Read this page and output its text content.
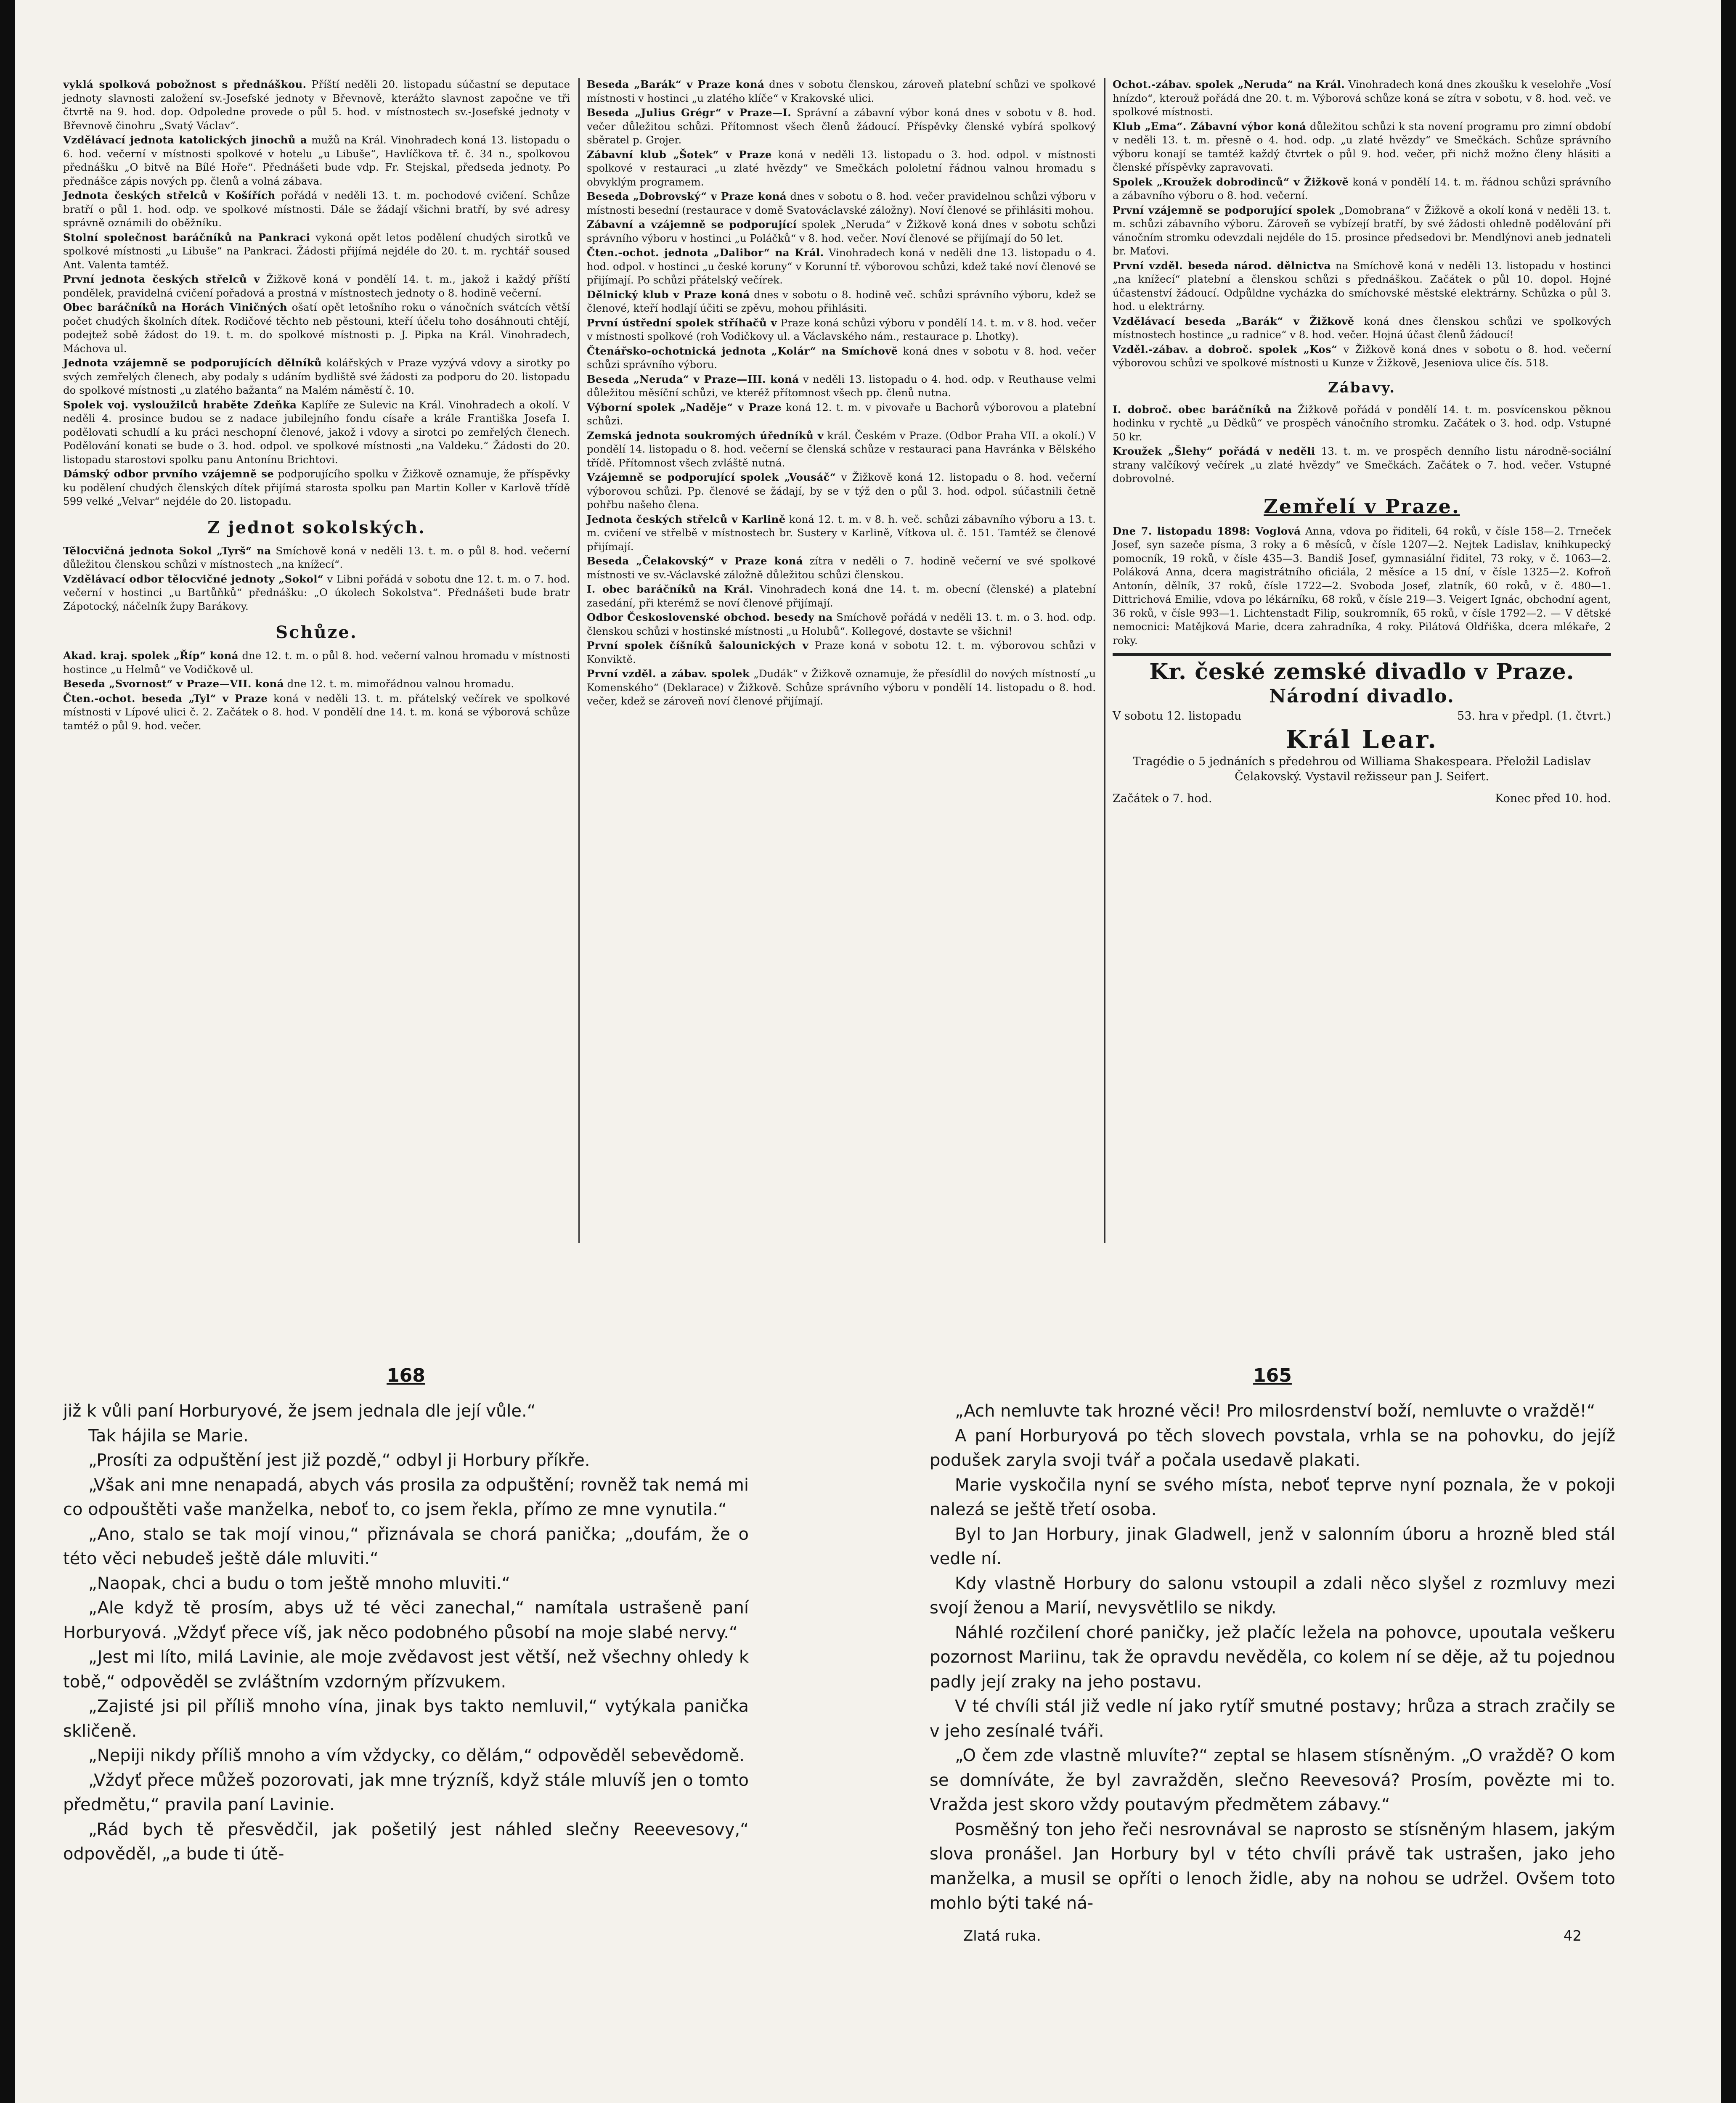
vyklá spolková pobožnost s přednáškou. Příští neděli 20. listopadu súčastní se deputace jednoty slavnosti založení sv.-Josefské jednoty v Břevnově, kterážto slavnost započne ve tři čtvrtě na 9. hod. dop. Odpoledne provede o půl 5. hod. v místnostech sv.-Josefské jednoty v Břevnově činohru „Svatý Václav“.

Vzdělávací jednota katolických jinochů a mužů na Král. Vinohradech koná 13. listopadu o 6. hod. večerní v místnosti spolkové v hotelu „u Libuše“, Havlíčkova tř. č. 34 n., spolkovou přednášku „O bitvě na Bílé Hoře“. Přednášeti bude vdp. Fr. Stejskal, předseda jednoty. Po přednášce zápis nových pp. členů a volná zábava.

Jednota českých střelců v Košířích pořádá v neděli 13. t. m. pochodové cvičení. Schůze bratří o půl 1. hod. odp. ve spolkové místnosti. Dále se žádají všichni bratří, by své adresy správně oznámili do oběžníku.

Stolní společnost baráčníků na Pankraci vykoná opět letos podělení chudých sirotků ve spolkové místnosti „u Libuše“ na Pankraci. Žádosti přijímá nejdéle do 20. t. m. rychtář soused Ant. Valenta tamtéž.

První jednota českých střelců v Žižkově koná v pondělí 14. t. m., jakož i každý příští pondělek, pravidelná cvičení pořadová a prostná v místnostech jednoty o 8. hodině večerní.

Obec baráčníků na Horách Viničných ošatí opět letošního roku o vánočních svátcích větší počet chudých školních dítek. Rodičové těchto neb pěstouni, kteří účelu toho dosáhnouti chtějí, podejtež sobě žádost do 19. t. m. do spolkové místnosti p. J. Pipka na Král. Vinohradech, Máchova ul.

Jednota vzájemně se podporujících dělníků kolářských v Praze vyzývá vdovy a sirotky po svých zemřelých členech, aby podaly s udáním bydliště své žádosti za podporu do 20. listopadu do spolkové místnosti „u zlatého bažanta“ na Malém náměstí č. 10.

Spolek voj. vysloužilců hraběte Zdeňka Kaplíře ze Sulevic na Král. Vinohradech a okolí. V neděli 4. prosince budou se z nadace jubilejního fondu císaře a krále Františka Josefa I. podělovati schudlí a ku práci neschopní členové, jakož i vdovy a sirotci po zemřelých členech. Podělování konati se bude o 3. hod. odpol. ve spolkové místnosti „na Valdeku.“ Žádosti do 20. listopadu starostovi spolku panu Antonínu Brichtovi.

Dámský odbor prvního vzájemně se podporujícího spolku v Žižkově oznamuje, že příspěvky ku podělení chudých členských dítek přijímá starosta spolku pan Martin Koller v Karlově třídě 599 velké „Velvar“ nejdéle do 20. listopadu.

Z jednot sokolských.

Tělocvičná jednota Sokol „Tyrš“ na Smíchově koná v neděli 13. t. m. o půl 8. hod. večerní důležitou členskou schůzi v místnostech „na knížecí“.

Vzdělávací odbor tělocvičné jednoty „Sokol“ v Libni pořádá v sobotu dne 12. t. m. o 7. hod. večerní v hostinci „u Bartůňků“ přednášku: „O úkolech Sokolstva“. Přednášeti bude bratr Zápotocký, náčelník župy Barákovy.

Schůze.

Akad. kraj. spolek „Říp“ koná dne 12. t. m. o půl 8. hod. večerní valnou hromadu v místnosti hostince „u Helmů“ ve Vodičkově ul.

Beseda „Svornost“ v Praze—VII. koná dne 12. t. m. mimořádnou valnou hromadu.

Čten.-ochot. beseda „Tyl“ v Praze koná v neděli 13. t. m. přátelský večírek ve spolkové místnosti v Lípové ulici č. 2. Začátek o 8. hod. V pondělí dne 14. t. m. koná se výborová schůze tamtéž o půl 9. hod. večer.

Beseda „Barák“ v Praze koná dnes v sobotu členskou, zároveň platební schůzi ve spolkové místnosti v hostinci „u zlatého klíče“ v Krakovské ulici.

Beseda „Julius Grégr“ v Praze—I. Správní a zábavní výbor koná dnes v sobotu v 8. hod. večer důležitou schůzi. Přítomnost všech členů žádoucí. Příspěvky členské vybírá spolkový sběratel p. Grojer.

Zábavní klub „Šotek“ v Praze koná v neděli 13. listopadu o 3. hod. odpol. v místnosti spolkové v restauraci „u zlaté hvězdy“ ve Smečkách pololetní řádnou valnou hromadu s obvyklým programem.

Beseda „Dobrovský“ v Praze koná dnes v sobotu o 8. hod. večer pravidelnou schůzi výboru v místnosti besední (restaurace v domě Svatováclavské záložny). Noví členové se přihlásiti mohou.

Zábavní a vzájemně se podporující spolek „Neruda“ v Žižkově koná dnes v sobotu schůzi správního výboru v hostinci „u Poláčků“ v 8. hod. večer. Noví členové se přijímají do 50 let.

Čten.-ochot. jednota „Dalibor“ na Král. Vinohradech koná v neděli dne 13. listopadu o 4. hod. odpol. v hostinci „u české koruny“ v Korunní tř. výborovou schůzi, kdež také noví členové se přijímají. Po schůzi přátelský večírek.

Dělnický klub v Praze koná dnes v sobotu o 8. hodině več. schůzi správního výboru, kdež se členové, kteří hodlají účiti se zpěvu, mohou přihlásiti.

První ústřední spolek stříhačů v Praze koná schůzi výboru v pondělí 14. t. m. v 8. hod. večer v místnosti spolkové (roh Vodičkovy ul. a Václavského nám., restaurace p. Lhotky).

Čtenářsko-ochotnická jednota „Kolár“ na Smíchově koná dnes v sobotu v 8. hod. večer schůzi správního výboru.

Beseda „Neruda“ v Praze—III. koná v neděli 13. listopadu o 4. hod. odp. v Reuthause velmi důležitou měsíční schůzi, ve kteréž přítomnost všech pp. členů nutna.

Výborní spolek „Naděje“ v Praze koná 12. t. m. v pivovaře u Bachorů výborovou a platební schůzi.

Zemská jednota soukromých úředníků v král. Českém v Praze. (Odbor Praha VII. a okolí.) V pondělí 14. listopadu o 8. hod. večerní se členská schůze v restauraci pana Havránka v Bělského třídě. Přítomnost všech zvláště nutná.

Vzájemně se podporující spolek „Vousáč“ v Žižkově koná 12. listopadu o 8. hod. večerní výborovou schůzi. Pp. členové se žádají, by se v týž den o půl 3. hod. odpol. súčastnili četně pohřbu našeho člena.

Jednota českých střelců v Karlině koná 12. t. m. v 8. h. več. schůzi zábavního výboru a 13. t. m. cvičení ve střelbě v místnostech br. Sustery v Karlině, Vítkova ul. č. 151. Tamtéž se členové přijímají.

Beseda „Čelakovský“ v Praze koná zítra v neděli o 7. hodině večerní ve své spolkové místnosti ve sv.-Václavské záložně důležitou schůzi členskou.

I. obec baráčníků na Král. Vinohradech koná dne 14. t. m. obecní (členské) a platební zasedání, při kterémž se noví členové přijímají.

Odbor Československé obchod. besedy na Smíchově pořádá v neděli 13. t. m. o 3. hod. odp. členskou schůzi v hostinské místnosti „u Holubů“. Kollegové, dostavte se všichni!

První spolek číšníků šalounických v Praze koná v sobotu 12. t. m. výborovou schůzi v Konviktě.

První vzděl. a zábav. spolek „Dudák“ v Žižkově oznamuje, že přesídlil do nových místností „u Komenského“ (Deklarace) v Žižkově. Schůze správního výboru v pondělí 14. listopadu o 8. hod. večer, kdež se zároveň noví členové přijímají.

Ochot.-zábav. spolek „Neruda“ na Král. Vinohradech koná dnes zkoušku k veselohře „Vosí hnízdo“, kterouž pořádá dne 20. t. m. Výborová schůze koná se zítra v sobotu, v 8. hod. več. ve spolkové místnosti.

Klub „Ema“. Zábavní výbor koná důležitou schůzi k sta novení programu pro zimní období v neděli 13. t. m. přesně o 4. hod. odp. „u zlaté hvězdy“ ve Smečkách. Schůze správního výboru konají se tamtéž každý čtvrtek o půl 9. hod. večer, při nichž možno členy hlásiti a členské příspěvky zapravovati.

Spolek „Kroužek dobrodinců“ v Žižkově koná v pondělí 14. t. m. řádnou schůzi správního a zábavního výboru o 8. hod. večerní.

První vzájemně se podporující spolek „Domobrana“ v Žižkově a okolí koná v neděli 13. t. m. schůzi zábavního výboru. Zároveň se vybízejí bratří, by své žádosti ohledně podělování při vánočním stromku odevzdali nejdéle do 15. prosince předsedovi br. Mendlýnovi aneb jednateli br. Maťovi.

První vzděl. beseda národ. dělnictva na Smíchově koná v neděli 13. listopadu v hostinci „na knížecí“ platební a členskou schůzi s přednáškou. Začátek o půl 10. dopol. Hojné účastenství žádoucí. Odpůldne vycházka do smíchovské městské elektrárny. Schůzka o půl 3. hod. u elektrárny.

Vzdělávací beseda „Barák“ v Žižkově koná dnes členskou schůzi ve spolkových místnostech hostince „u radnice“ v 8. hod. večer. Hojná účast členů žádoucí!

Vzděl.-zábav. a dobroč. spolek „Kos“ v Žižkově koná dnes v sobotu o 8. hod. večerní výborovou schůzi ve spolkové místnosti u Kunze v Žižkově, Jeseniova ulice čís. 518.

Zábavy.

I. dobroč. obec baráčníků na Žižkově pořádá v pondělí 14. t. m. posvícenskou pěknou hodinku v rychtě „u Dědků“ ve prospěch vánočního stromku. Začátek o 3. hod. odp. Vstupné 50 kr.

Kroužek „Šlehy“ pořádá v neděli 13. t. m. ve prospěch denního listu národně-sociální strany valčíkový večírek „u zlaté hvězdy“ ve Smečkách. Začátek o 7. hod. večer. Vstupné dobrovolné.

Zemřelí v Praze.

Dne 7. listopadu 1898: Voglová Anna, vdova po řiditeli, 64 roků, v čísle 158—2. Trneček Josef, syn sazeče písma, 3 roky a 6 měsíců, v čísle 1207—2. Nejtek Ladislav, knihkupecký pomocník, 19 roků, v čísle 435—3. Bandiš Josef, gymnasiální řiditel, 73 roky, v č. 1063—2. Poláková Anna, dcera magistrátního oficiála, 2 měsíce a 15 dní, v čísle 1325—2. Kofroň Antonín, dělník, 37 roků, čísle 1722—2. Svoboda Josef, zlatník, 60 roků, v č. 480—1. Dittrichová Emilie, vdova po lékárníku, 68 roků, v čísle 219—3. Veigert Ignác, obchodní agent, 36 roků, v čísle 993—1. Lichtenstadt Filip, soukromník, 65 roků, v čísle 1792—2. — V dětské nemocnici: Matějková Marie, dcera zahradníka, 4 roky. Pilátová Oldřiška, dcera mlékaře, 2 roky.

Kr. české zemské divadlo v Praze.
Národní divadlo.
V sobotu 12. listopadu	53. hra v předpl. (1. čtvrt.)
Král Lear.
Tragédie o 5 jednáních s předehrou od Williama Shakespeara. Přeložil Ladislav Čelakovský. Vystavil režisseur pan J. Seifert.
Začátek o 7. hod.	Konec před 10. hod.
168

již k vůli paní Horburyové, že jsem jednala dle její vůle.“

Tak hájila se Marie.

„Prosíti za odpuštění jest již pozdě,“ odbyl ji Horbury příkře.

„Však ani mne nenapadá, abych vás prosila za odpuštění; rovněž tak nemá mi co odpouštěti vaše manželka, neboť to, co jsem řekla, přímo ze mne vynutila.“

„Ano, stalo se tak mojí vinou,“ přiznávala se chorá panička; „doufám, že o této věci nebudeš ještě dále mluviti.“

„Naopak, chci a budu o tom ještě mnoho mluviti.“

„Ale když tě prosím, abys už té věci zanechal,“ namítala ustrašeně paní Horburyová. „Vždyť přece víš, jak něco podobného působí na moje slabé nervy.“

„Jest mi líto, milá Lavinie, ale moje zvědavost jest větší, než všechny ohledy k tobě,“ odpověděl se zvláštním vzdorným přízvukem.

„Zajisté jsi pil příliš mnoho vína, jinak bys takto nemluvil,“ vytýkala panička skličeně.

„Nepiji nikdy příliš mnoho a vím vždycky, co dělám,“ odpověděl sebevědomě.

„Vždyť přece můžeš pozorovati, jak mne trýzníš, když stále mluvíš jen o tomto předmětu,“ pravila paní Lavinie.

„Rád bych tě přesvědčil, jak pošetilý jest náhled slečny Reeevesovy,“ odpověděl, „a bude ti útě-

165

„Ach nemluvte tak hrozné věci! Pro milosrdenství boží, nemluvte o vraždě!“

A paní Horburyová po těch slovech povstala, vrhla se na pohovku, do jejíž podušek zaryla svoji tvář a počala usedavě plakati.

Marie vyskočila nyní se svého místa, neboť teprve nyní poznala, že v pokoji nalezá se ještě třetí osoba.

Byl to Jan Horbury, jinak Gladwell, jenž v salonním úboru a hrozně bled stál vedle ní.

Kdy vlastně Horbury do salonu vstoupil a zdali něco slyšel z rozmluvy mezi svojí ženou a Marií, nevysvětlilo se nikdy.

Náhlé rozčilení choré paničky, jež plačíc ležela na pohovce, upoutala veškeru pozornost Mariinu, tak že opravdu nevěděla, co kolem ní se děje, až tu pojednou padly její zraky na jeho postavu.

V té chvíli stál již vedle ní jako rytíř smutné postavy; hrůza a strach zračily se v jeho zesínalé tváři.

„O čem zde vlastně mluvíte?“ zeptal se hlasem stísněným. „O vraždě? O kom se domníváte, že byl zavražděn, slečno Reevesová? Prosím, povězte mi to. Vražda jest skoro vždy poutavým předmětem zábavy.“

Posměšný ton jeho řeči nesrovnával se naprosto se stísněným hlasem, jakým slova pronášel. Jan Horbury byl v této chvíli právě tak ustrašen, jako jeho manželka, a musil se opříti o lenoch židle, aby na nohou se udržel. Ovšem toto mohlo býti také ná-

Zlatá ruka.	42
